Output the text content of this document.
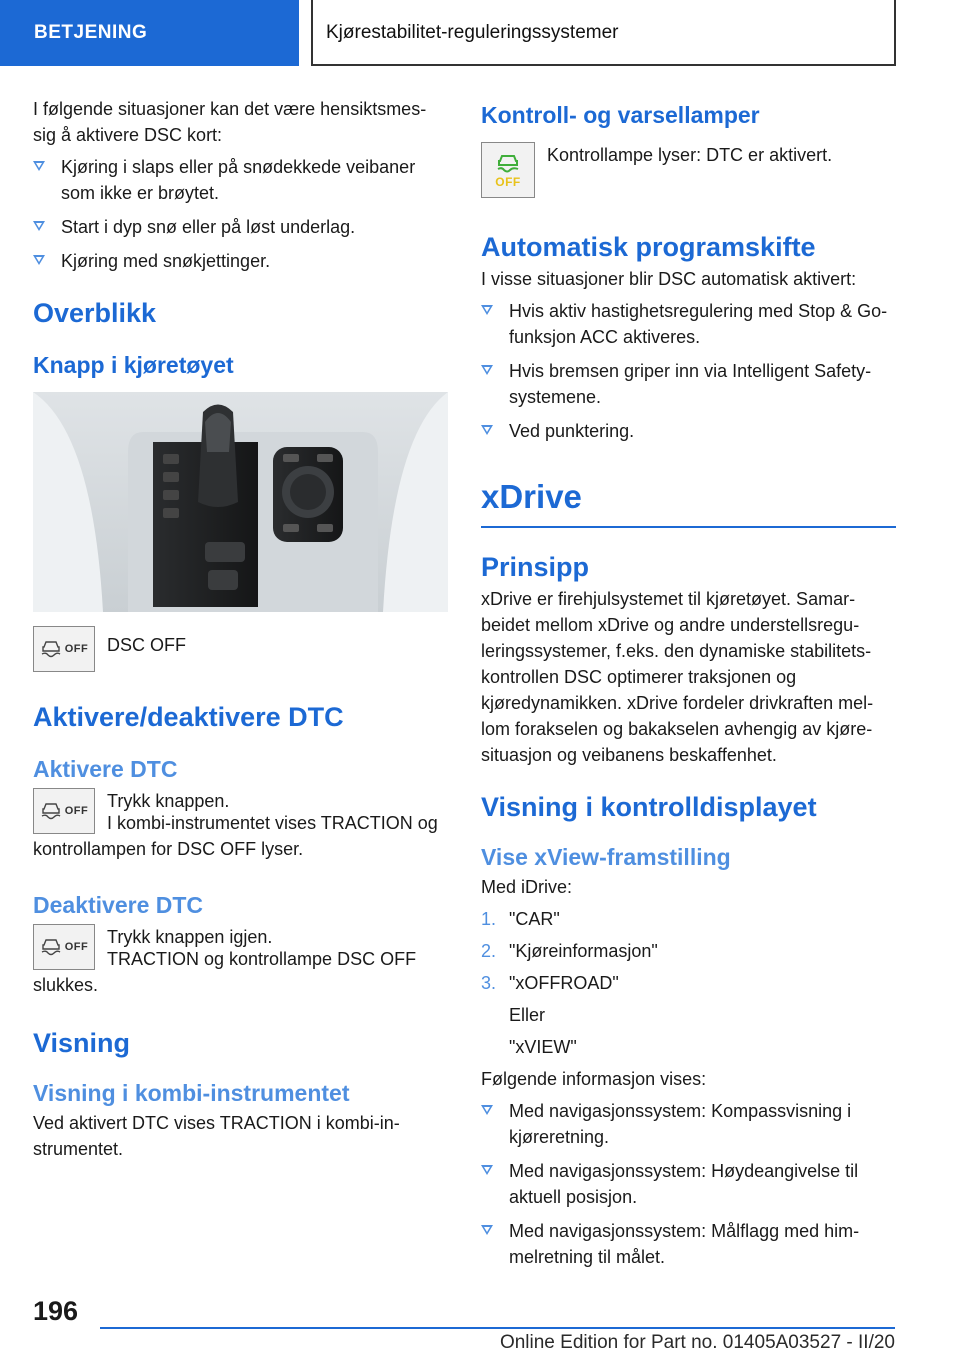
BETJENING	Kjørestabilitet-reguleringssystemer

I følgende situasjoner kan det være hensiktsmes-sig å aktivere DSC kort:

Kjøring i slaps eller på snødekkede veibaner som ikke er brøytet.
Start i dyp snø eller på løst underlag.
Kjøring med snøkjettinger.
Overblikk
Knapp i kjøretøyet
OFF	DSC OFF
Aktivere/deaktivere DTC
Aktivere DTC
OFF	Trykk knappen.

I kombi-instrumentet vises TRACTION og kontrollampen for DSC OFF lyser.

Deaktivere DTC
OFF	Trykk knappen igjen.

TRACTION og kontrollampe DSC OFF slukkes.

Visning
Visning i kombi-instrumentet

Ved aktivert DTC vises TRACTION i kombi-in-strumentet.

Kontroll- og varsellamper
OFF
Kontrollampe lyser: DTC er aktivert.
Automatisk programskifte

I visse situasjoner blir DSC automatisk aktivert:

Hvis aktiv hastighetsregulering med Stop & Go-funksjon ACC aktiveres.
Hvis bremsen griper inn via Intelligent Safety-systemene.
Ved punktering.
xDrive
Prinsipp

xDrive er firehjulsystemet til kjøretøyet. Samar-beidet mellom xDrive og andre understellsregu-leringssystemer, f.eks. den dynamiske stabilitets-kontrollen DSC optimerer traksjonen og kjøredynamikken. xDrive fordeler drivkraften mel-lom forakselen og bakakselen avhengig av kjøre-situasjon og veibanens beskaffenhet.

Visning i kontrolldisplayet
Vise xView-framstilling

Med iDrive:

1. "CAR"
2. "Kjøreinformasjon"
3. "xOFFROAD"

Eller

"xVIEW"

Følgende informasjon vises:

Med navigasjonssystem: Kompassvisning i kjøreretning.
Med navigasjonssystem: Høydeangivelse til aktuell posisjon.
Med navigasjonssystem: Målflagg med him-melretning til målet.
196
Online Edition for Part no. 01405A03527 - II/20
